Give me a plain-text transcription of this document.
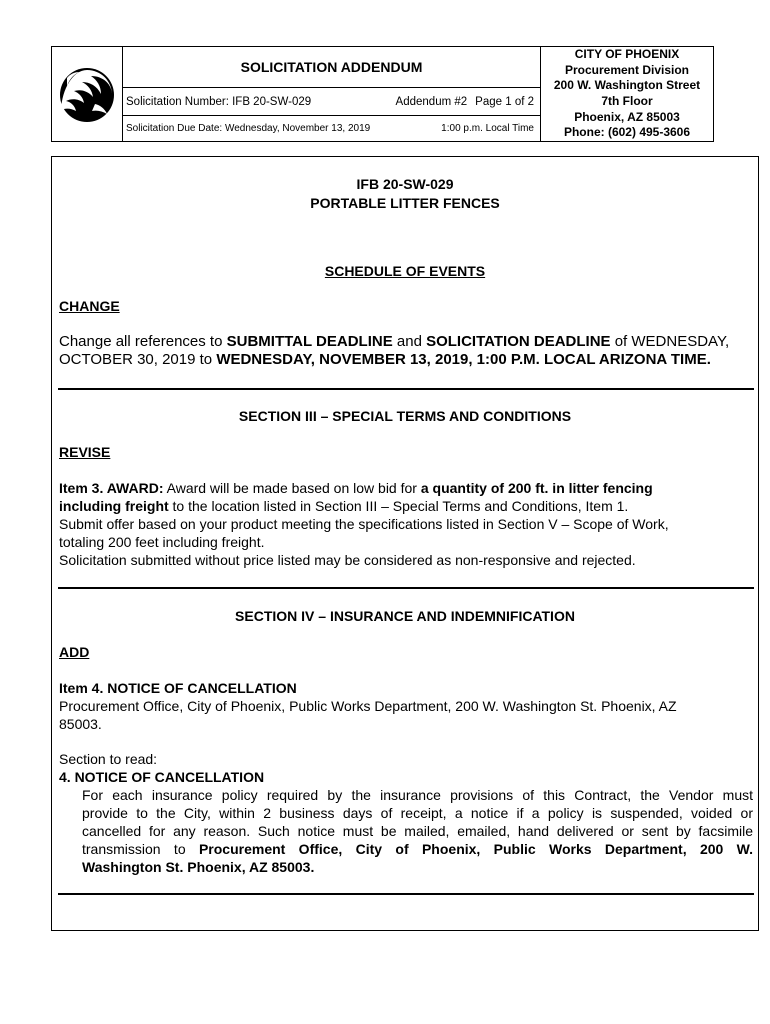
SOLICITATION ADDENDUM
Solicitation Number: IFB 20-SW-029	Addendum #2 Page 1 of 2
Solicitation Due Date: Wednesday, November 13, 2019	1:00 p.m. Local Time
CITY OF PHOENIX
Procurement Division
200 W. Washington Street
7th Floor
Phoenix, AZ 85003
Phone: (602) 495-3606
IFB 20-SW-029
PORTABLE LITTER FENCES
SCHEDULE OF EVENTS
CHANGE
Change all references to SUBMITTAL DEADLINE and SOLICITATION DEADLINE of WEDNESDAY,
OCTOBER 30, 2019 to WEDNESDAY, NOVEMBER 13, 2019, 1:00 P.M. LOCAL ARIZONA TIME.
SECTION III – SPECIAL TERMS AND CONDITIONS
REVISE
Item 3. AWARD: Award will be made based on low bid for a quantity of 200 ft. in litter fencing
including freight to the location listed in Section III – Special Terms and Conditions, Item 1.
Submit offer based on your product meeting the specifications listed in Section V – Scope of Work,
totaling 200 feet including freight.
Solicitation submitted without price listed may be considered as non-responsive and rejected.
SECTION IV – INSURANCE AND INDEMNIFICATION
ADD
Item 4. NOTICE OF CANCELLATION
Procurement Office, City of Phoenix, Public Works Department, 200 W. Washington St. Phoenix, AZ
85003.
Section to read:
4. NOTICE OF CANCELLATION
For each insurance policy required by the insurance provisions of this Contract, the Vendor must
provide to the City, within 2 business days of receipt, a notice if a policy is suspended, voided or
cancelled for any reason. Such notice must be mailed, emailed, hand delivered or sent by facsimile
transmission to Procurement Office, City of Phoenix, Public Works Department, 200 W.
Washington St. Phoenix, AZ 85003.
